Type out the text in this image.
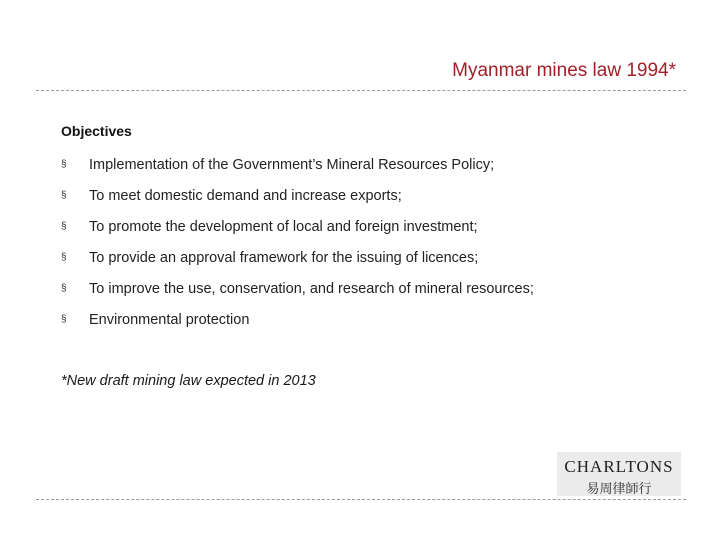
Myanmar mines law 1994*
Objectives
§	Implementation of the Government’s Mineral Resources Policy;
§	To meet domestic demand and increase exports;
§	To promote the development of local and foreign investment;
§	To provide an approval framework for the issuing of licences;
§	To improve the use, conservation, and research of mineral resources;
§	Environmental protection
*New draft mining law expected in 2013
CHARLTONS
易周律師行
